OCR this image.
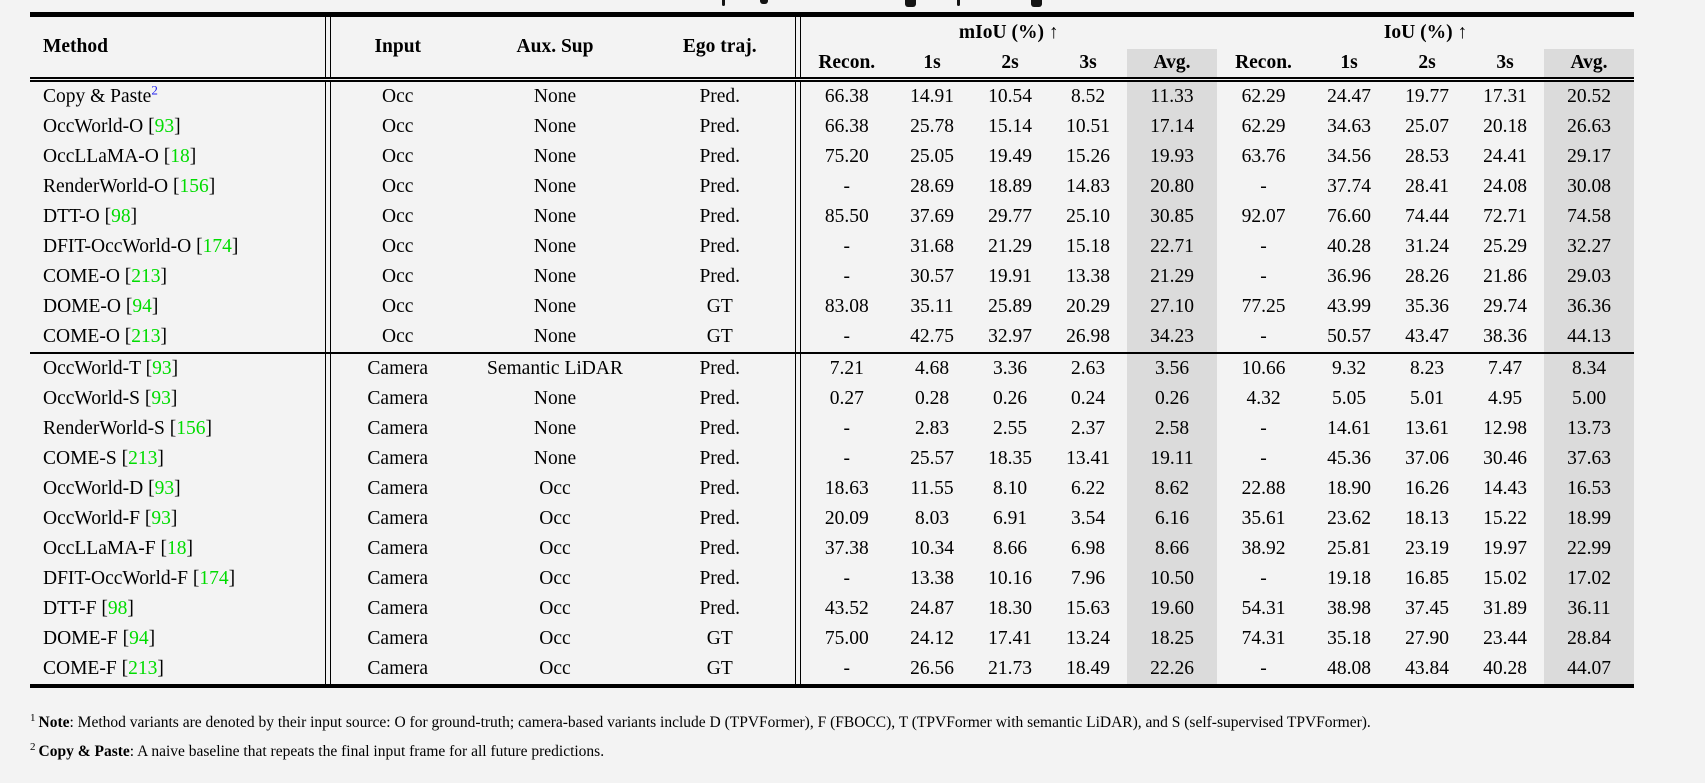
Method		Input	Aux. Sup	Ego traj.		mIoU (%) ↑					IoU (%) ↑				
						Recon.	1s	2s	3s	Avg.	Recon.	1s	2s	3s	Avg.
Copy & Paste$^2$		Occ	None	Pred.		66.38	14.91	10.54	8.52	11.33	62.29	24.47	19.77	17.31	20.52
OccWorld-O [93]		Occ	None	Pred.		66.38	25.78	15.14	10.51	17.14	62.29	34.63	25.07	20.18	26.63
OccLLaMA-O [18]		Occ	None	Pred.		75.20	25.05	19.49	15.26	19.93	63.76	34.56	28.53	24.41	29.17
RenderWorld-O [156]		Occ	None	Pred.		-	28.69	18.89	14.83	20.80	-	37.74	28.41	24.08	30.08
DTT-O [98]		Occ	None	Pred.		85.50	37.69	29.77	25.10	30.85	92.07	76.60	74.44	72.71	74.58
DFIT-OccWorld-O [174]		Occ	None	Pred.		-	31.68	21.29	15.18	22.71	-	40.28	31.24	25.29	32.27
COME-O [213]		Occ	None	Pred.		-	30.57	19.91	13.38	21.29	-	36.96	28.26	21.86	29.03
DOME-O [94]		Occ	None	GT		83.08	35.11	25.89	20.29	27.10	77.25	43.99	35.36	29.74	36.36
COME-O [213]		Occ	None	GT		-	42.75	32.97	26.98	34.23	-	50.57	43.47	38.36	44.13
OccWorld-T [93]		Camera	Semantic LiDAR	Pred.		7.21	4.68	3.36	2.63	3.56	10.66	9.32	8.23	7.47	8.34
OccWorld-S [93]		Camera	None	Pred.		0.27	0.28	0.26	0.24	0.26	4.32	5.05	5.01	4.95	5.00
RenderWorld-S [156]		Camera	None	Pred.		-	2.83	2.55	2.37	2.58	-	14.61	13.61	12.98	13.73
COME-S [213]		Camera	None	Pred.		-	25.57	18.35	13.41	19.11	-	45.36	37.06	30.46	37.63
OccWorld-D [93]		Camera	Occ	Pred.		18.63	11.55	8.10	6.22	8.62	22.88	18.90	16.26	14.43	16.53
OccWorld-F [93]		Camera	Occ	Pred.		20.09	8.03	6.91	3.54	6.16	35.61	23.62	18.13	15.22	18.99
OccLLaMA-F [18]		Camera	Occ	Pred.		37.38	10.34	8.66	6.98	8.66	38.92	25.81	23.19	19.97	22.99
DFIT-OccWorld-F [174]		Camera	Occ	Pred.		-	13.38	10.16	7.96	10.50	-	19.18	16.85	15.02	17.02
DTT-F [98]		Camera	Occ	Pred.		43.52	24.87	18.30	15.63	19.60	54.31	38.98	37.45	31.89	36.11
DOME-F [94]		Camera	Occ	GT		75.00	24.12	17.41	13.24	18.25	74.31	35.18	27.90	23.44	28.84
COME-F [213]		Camera	Occ	GT		-	26.56	21.73	18.49	22.26	-	48.08	43.84	40.28	44.07
$^1$ Note: Method variants are denoted by their input source: O for ground-truth; camera-based variants include D (TPVFormer), F (FBOCC), T (TPVFormer with semantic LiDAR), and S (self-supervised TPVFormer).
$^2$ Copy & Paste: A naive baseline that repeats the final input frame for all future predictions.
